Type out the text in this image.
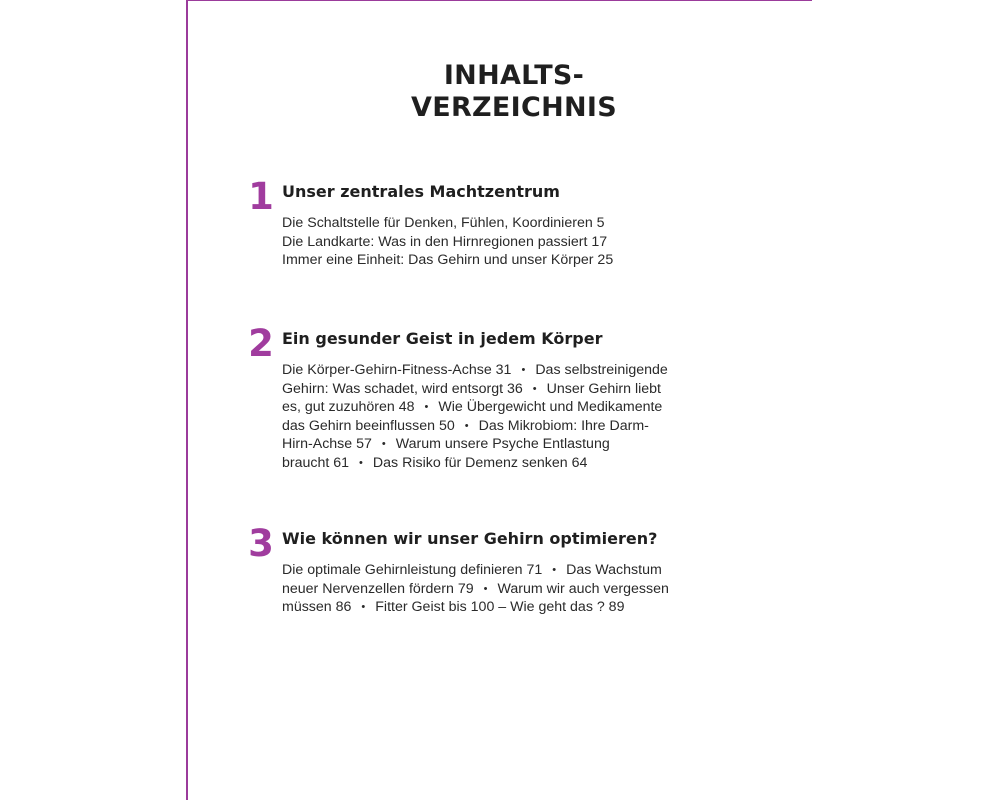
INHALTS-
VERZEICHNIS
1 Unser zentrales Machtzentrum
Die Schaltstelle für Denken, Fühlen, Koordinieren 5
Die Landkarte: Was in den Hirnregionen passiert 17
Immer eine Einheit: Das Gehirn und unser Körper 25
2 Ein gesunder Geist in jedem Körper
Die Körper-Gehirn-Fitness-Achse 31 • Das selbstreinigende
Gehirn: Was schadet, wird entsorgt 36 • Unser Gehirn liebt
es, gut zuzuhören 48 • Wie Übergewicht und Medikamente
das Gehirn beeinflussen 50 • Das Mikrobiom: Ihre Darm-
Hirn-Achse 57 • Warum unsere Psyche Entlastung
braucht 61 • Das Risiko für Demenz senken 64
3 Wie können wir unser Gehirn optimieren?
Die optimale Gehirnleistung definieren 71 • Das Wachstum
neuer Nervenzellen fördern 79 • Warum wir auch vergessen
müssen 86 • Fitter Geist bis 100 – Wie geht das ? 89
